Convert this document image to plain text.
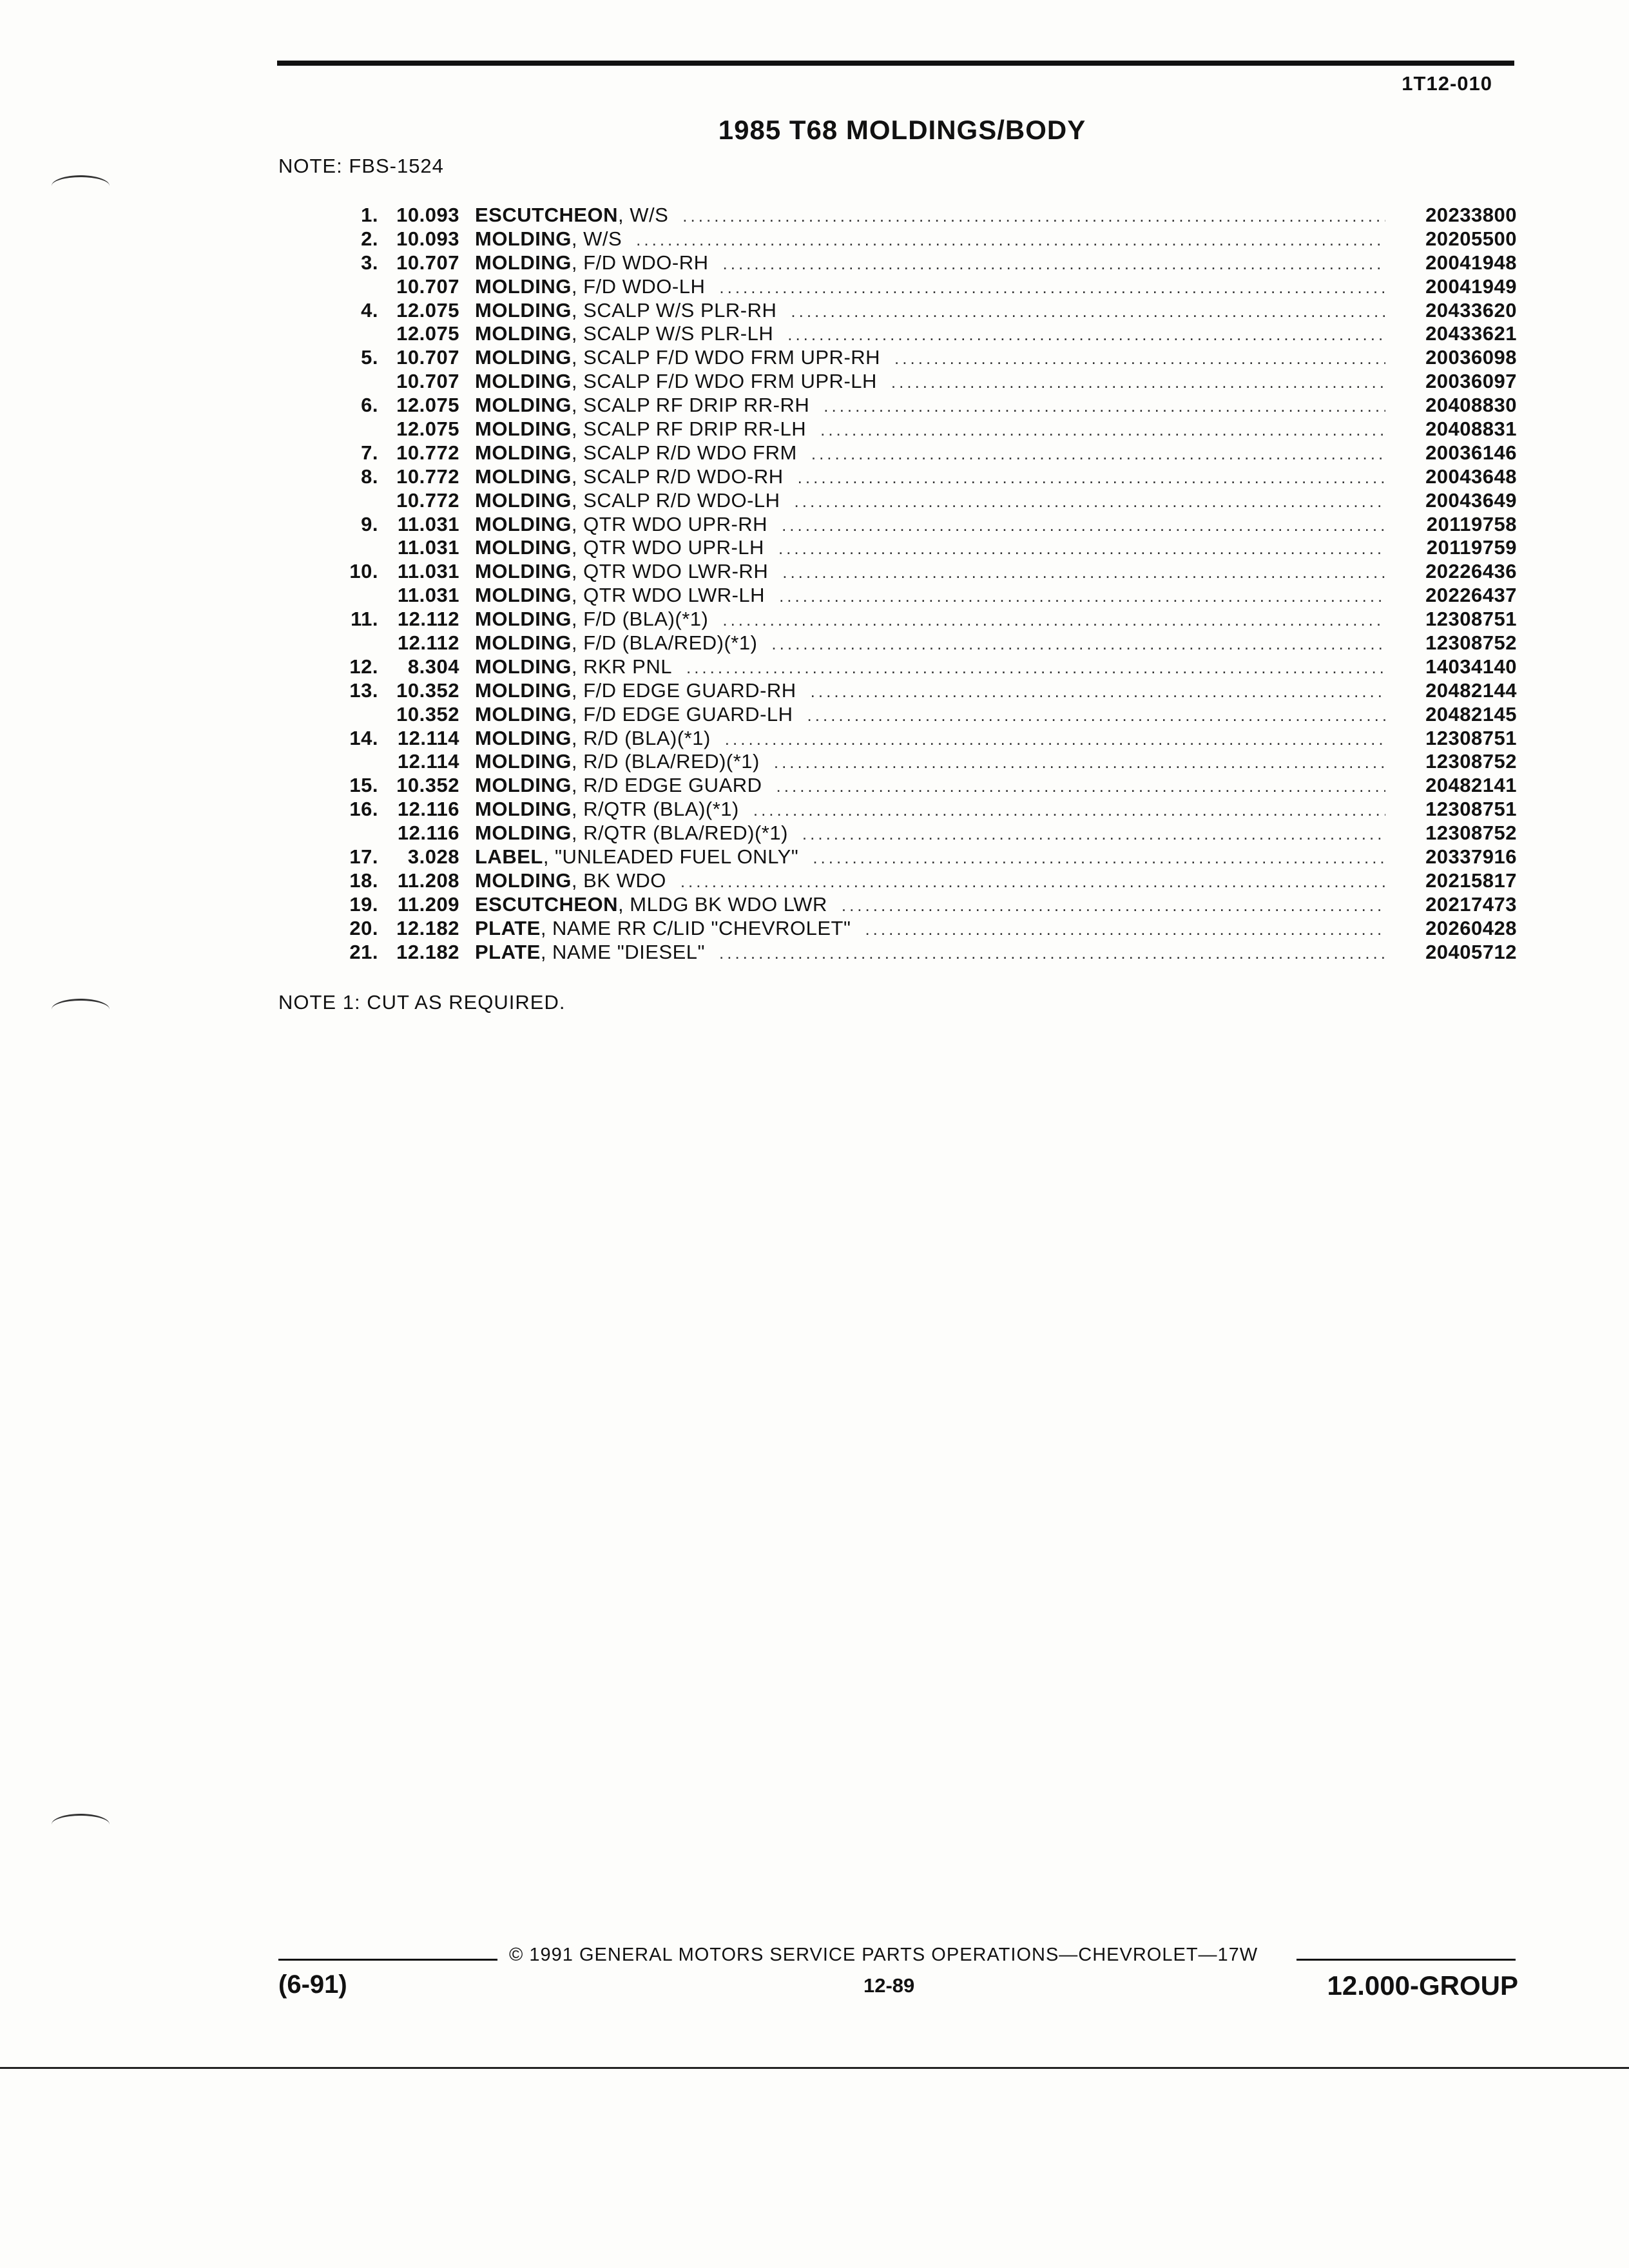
1T12-010
1985 T68 MOLDINGS/BODY
NOTE: FBS-1524
1. 10.093 ESCUTCHEON , W/S .....	20233800
2. 10.093 MOLDING , W/S .....	20205500
3. 10.707 MOLDING , F/D WDO-RH .....	20041948
10.707 MOLDING , F/D WDO-LH .....	20041949
4. 12.075 MOLDING , SCALP W/S PLR-RH .....	20433620
12.075 MOLDING , SCALP W/S PLR-LH .....	20433621
5. 10.707 MOLDING , SCALP F/D WDO FRM UPR-RH .....	20036098
10.707 MOLDING , SCALP F/D WDO FRM UPR-LH .....	20036097
6. 12.075 MOLDING , SCALP RF DRIP RR-RH .....	20408830
12.075 MOLDING , SCALP RF DRIP RR-LH .....	20408831
7. 10.772 MOLDING , SCALP R/D WDO FRM .....	20036146
8. 10.772 MOLDING , SCALP R/D WDO-RH .....	20043648
10.772 MOLDING , SCALP R/D WDO-LH .....	20043649
9. 11.031 MOLDING , QTR WDO UPR-RH .....	20119758
11.031 MOLDING , QTR WDO UPR-LH .....	20119759
10. 11.031 MOLDING , QTR WDO LWR-RH .....	20226436
11.031 MOLDING , QTR WDO LWR-LH .....	20226437
11. 12.112 MOLDING , F/D (BLA)(*1) .....	12308751
12.112 MOLDING , F/D (BLA/RED)(*1) .....	12308752
12.	8.304 MOLDING , RKR PNL .....	14034140
13. 10.352 MOLDING , F/D EDGE GUARD-RH .....	20482144
10.352 MOLDING , F/D EDGE GUARD-LH .....	20482145
14. 12.114 MOLDING , R/D (BLA)(*1) .....	12308751
12.114 MOLDING , R/D (BLA/RED)(*1) .....	12308752
15. 10.352 MOLDING , R/D EDGE GUARD .....	20482141
16. 12.116 MOLDING , R/QTR (BLA)(*1) .....	12308751
12.116 MOLDING , R/QTR (BLA/RED)(*1) .....	12308752
17.	3.028 LABEL , "UNLEADED FUEL ONLY" .....	20337916
18. 11.208 MOLDING , BK WDO .....	20215817
19. 11.209 ESCUTCHEON , MLDG BK WDO LWR .....	20217473
20. 12.182 PLATE , NAME RR C/LID "CHEVROLET" .....	20260428
21. 12.182 PLATE , NAME "DIESEL" .....	20405712
NOTE 1: CUT AS REQUIRED.
© 1991 GENERAL MOTORS SERVICE PARTS OPERATIONS—CHEVROLET—17W
(6-91)	12-89	12.000-GROUP
